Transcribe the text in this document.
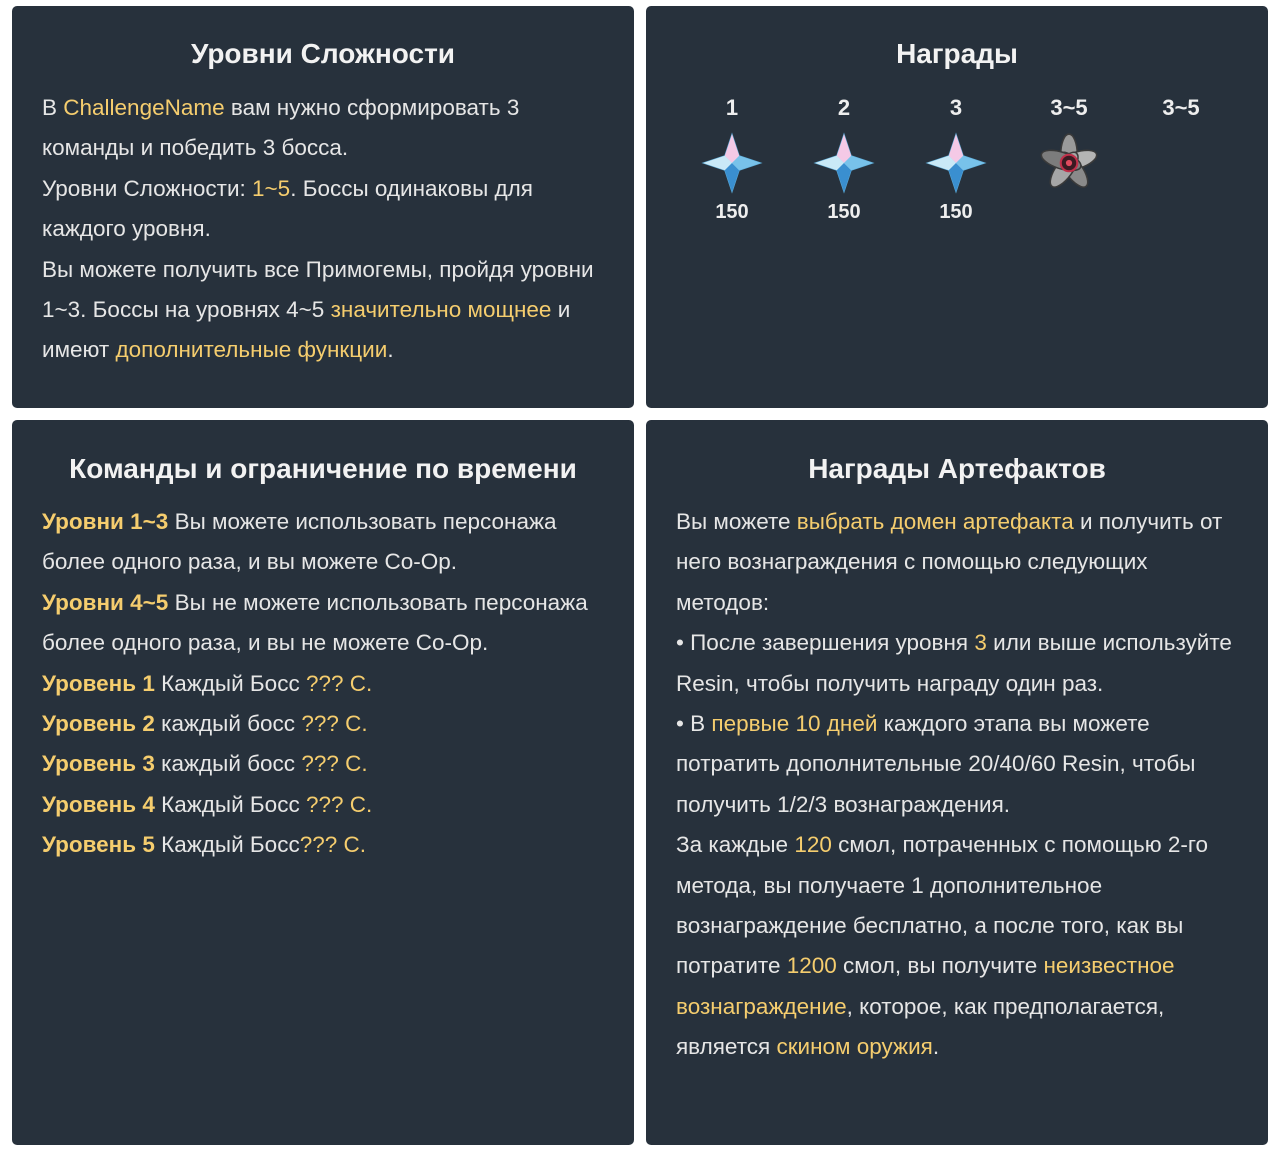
Уровни Сложности
В ChallengeName вам нужно сформировать 3 команды и победить 3 босса.
Уровни Сложности: 1~5. Боссы одинаковы для каждого уровня.
Вы можете получить все Примогемы, пройдя уровни 1~3. Боссы на уровнях 4~5 значительно мощнее и имеют дополнительные функции.
Награды
1
150
2
150
3
150
3~5	3~5
Команды и ограничение по времени
Уровни 1~3 Вы можете использовать персонажа более одного раза, и вы можете Co-Op.
Уровни 4~5 Вы не можете использовать персонажа более одного раза, и вы не можете Co-Op.
Уровень 1 Каждый Босс ??? С.
Уровень 2 каждый босс ??? С.
Уровень 3 каждый босс ??? С.
Уровень 4 Каждый Босс ??? С.
Уровень 5 Каждый Босс??? С.
Награды Артефактов
Вы можете выбрать домен артефакта и получить от него вознаграждения с помощью следующих методов:
• После завершения уровня 3 или выше используйте Resin, чтобы получить награду один раз.
• В первые 10 дней каждого этапа вы можете потратить дополнительные 20/40/60 Resin, чтобы получить 1/2/3 вознаграждения.
За каждые 120 смол, потраченных с помощью 2-го метода, вы получаете 1 дополнительное вознаграждение бесплатно, а после того, как вы потратите 1200 смол, вы получите неизвестное вознаграждение, которое, как предполагается, является скином оружия.
